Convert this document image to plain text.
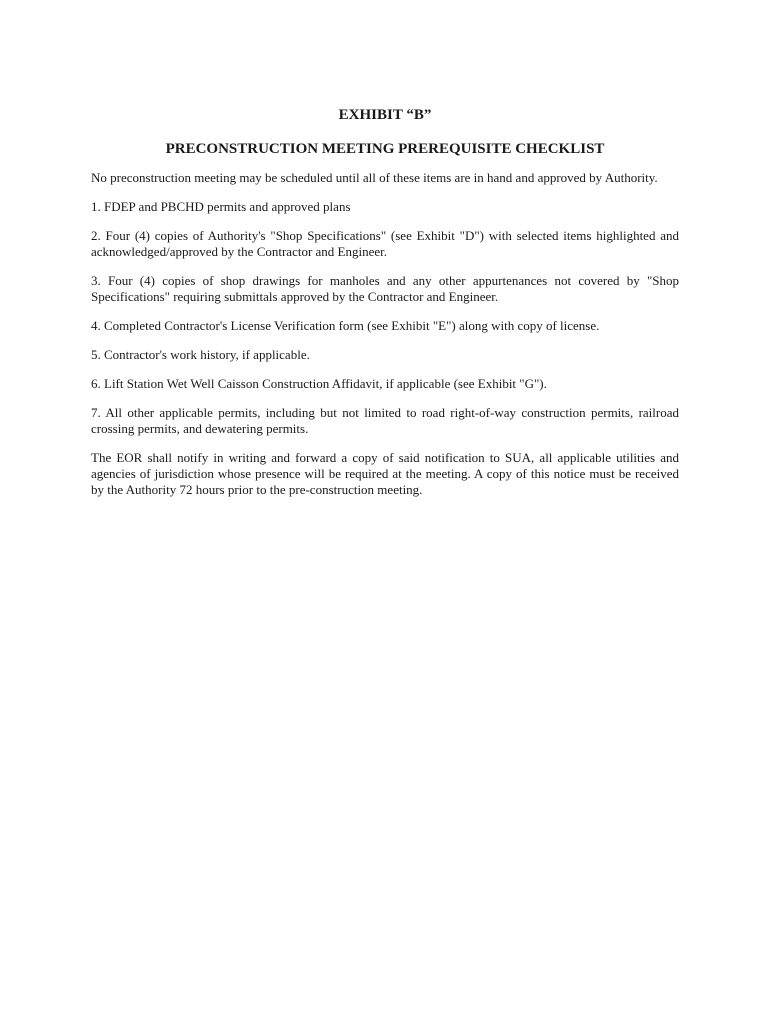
EXHIBIT “B”
PRECONSTRUCTION MEETING PREREQUISITE CHECKLIST

No preconstruction meeting may be scheduled until all of these items are in hand and approved by Authority.

1. FDEP and PBCHD permits and approved plans

2. Four (4) copies of Authority's "Shop Specifications" (see Exhibit "D") with selected items highlighted and acknowledged/approved by the Contractor and Engineer.

3. Four (4) copies of shop drawings for manholes and any other appurtenances not covered by "Shop Specifications" requiring submittals approved by the Contractor and Engineer.

4. Completed Contractor's License Verification form (see Exhibit "E") along with copy of license.

5. Contractor's work history, if applicable.

6. Lift Station Wet Well Caisson Construction Affidavit, if applicable (see Exhibit "G").

7. All other applicable permits, including but not limited to road right-of-way construction permits, railroad crossing permits, and dewatering permits.

The EOR shall notify in writing and forward a copy of said notification to SUA, all applicable utilities and agencies of jurisdiction whose presence will be required at the meeting. A copy of this notice must be received by the Authority 72 hours prior to the pre-construction meeting.
